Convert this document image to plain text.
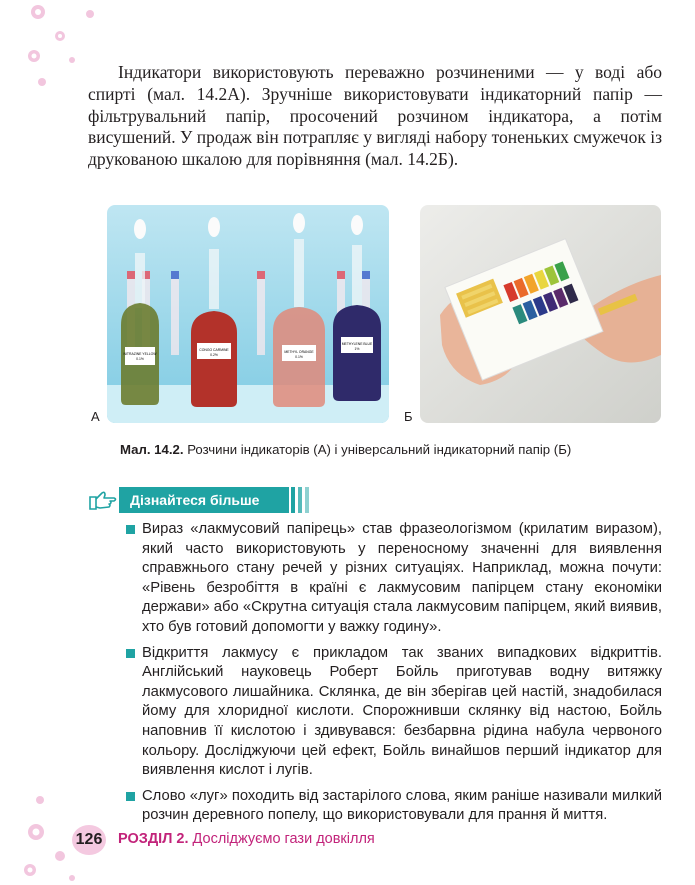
Індикатори використовують переважно розчиненими — у воді або спирті (мал. 14.2А). Зручніше використовувати індикаторний папір — фільтрувальний папір, просочений розчином індикатора, а потім висушений. У продаж він потрапляє у вигляді набору тоненьких смужечок із друкованою шкалою для порівняння (мал. 14.2Б).

NITRAZINE YELLOW
0.1%
CONGO CARMINE
0.2%
METHYL ORANGE
0.1%
METHYLENE BLUE
1%
А	Б
Мал. 14.2. Розчини індикаторів (А) і універсальний індикаторний папір (Б)
Дізнайтеся більше
Вираз «лакмусовий папірець» став фразеологізмом (крилатим виразом), який часто використовують у переносному значенні для виявлення справжнього стану речей у різних ситуаціях. Наприклад, можна почути: «Рівень безробіття в країні є лакмусовим папірцем стану економіки держави» або «Скрутна ситуація стала лакмусовим папірцем, який виявив, хто був готовий допомогти у важку годину».
Відкриття лакмусу є прикладом так званих випадкових відкриттів. Англійський науковець Роберт Бойль приготував водну витяжку лакмусового лишайника. Склянка, де він зберігав цей настій, знадобилася йому для хлоридної кислоти. Спорожнивши склянку від настою, Бойль наповнив її кислотою і здивувався: безбарвна рідина набула червоного кольору. Досліджуючи цей ефект, Бойль винайшов перший індикатор для виявлення кислот і лугів.
Слово «луг» походить від застарілого слова, яким раніше називали милкий розчин деревного попелу, що використовували для прання й миття.
126 РОЗДІЛ 2. Досліджуємо гази довкілля
